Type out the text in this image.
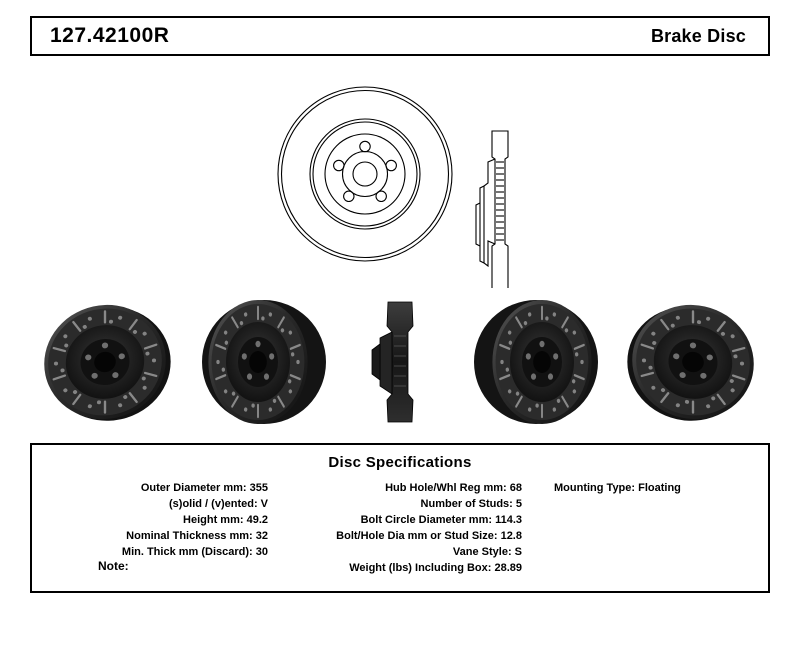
127.42100R	Brake Disc
Disc Specifications
Outer Diameter mm: 355
(s)olid / (v)ented: V
Height mm: 49.2
Nominal Thickness mm: 32
Min. Thick mm (Discard): 30
Hub Hole/Whl Reg mm: 68
Number of Studs: 5
Bolt Circle Diameter mm: 114.3
Bolt/Hole Dia mm or Stud Size: 12.8
Vane Style: S
Weight (lbs) Including Box: 28.89
Mounting Type: Floating
Note:
